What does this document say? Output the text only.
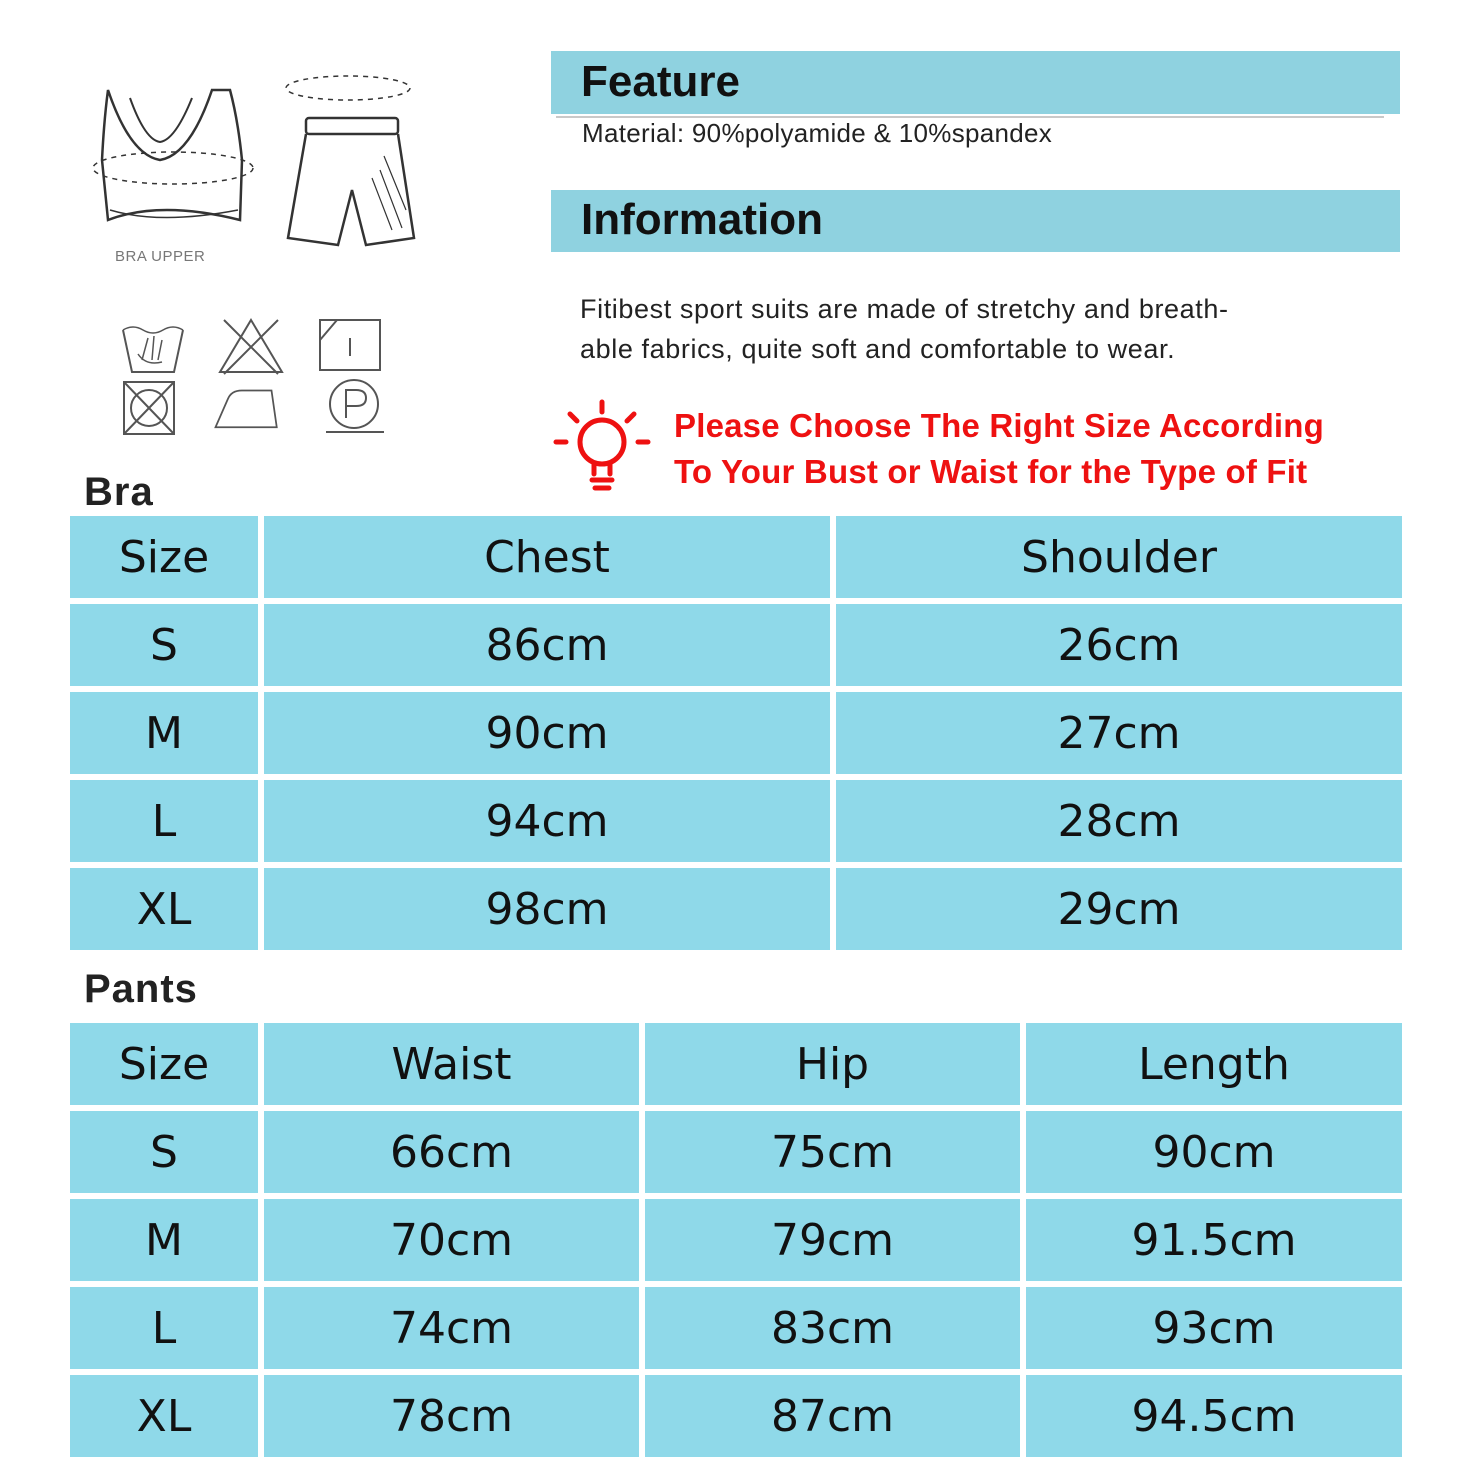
BRA UPPER
Feature
Material: 90%polyamide & 10%spandex
Information
Fitibest sport suits are made of stretchy and breath-
able fabrics, quite soft and comfortable to wear.
Please Choose The Right Size According
To Your Bust or Waist for the Type of Fit
Bra
Size	Chest	Shoulder
S	86cm	26cm
M	90cm	27cm
L	94cm	28cm
XL	98cm	29cm
Pants
Size	Waist	Hip	Length
S	66cm	75cm	90cm
M	70cm	79cm	91.5cm
L	74cm	83cm	93cm
XL	78cm	87cm	94.5cm
